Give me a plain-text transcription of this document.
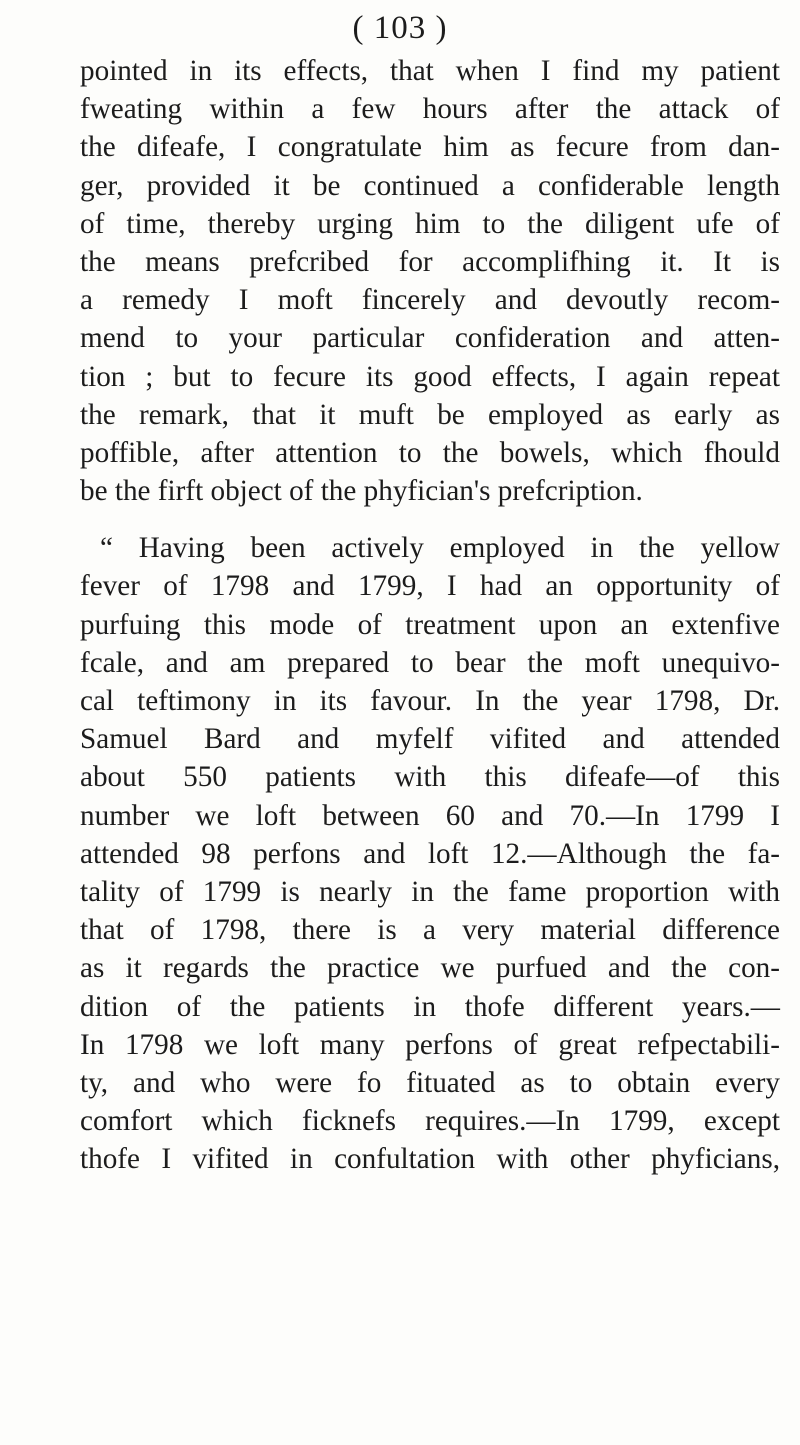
( 103 )
pointed in its effects, that when I find my patient
fweating within a few hours after the attack of
the difeafe, I congratulate him as fecure from dan-
ger, provided it be continued a confiderable length
of time, thereby urging him to the diligent ufe of
the means prefcribed for accomplifhing it. It is
a remedy I moft fincerely and devoutly recom-
mend to your particular confideration and atten-
tion ; but to fecure its good effects, I again repeat
the remark, that it muft be employed as early as
poffible, after attention to the bowels, which fhould
be the firft object of the phyfician's prefcription.
“ Having been actively employed in the yellow
fever of 1798 and 1799, I had an opportunity of
purfuing this mode of treatment upon an extenfive
fcale, and am prepared to bear the moft unequivo-
cal teftimony in its favour. In the year 1798, Dr.
Samuel Bard and myfelf vifited and attended
about 550 patients with this difeafe—of this
number we loft between 60 and 70.—In 1799 I
attended 98 perfons and loft 12.—Although the fa-
tality of 1799 is nearly in the fame proportion with
that of 1798, there is a very material difference
as it regards the practice we purfued and the con-
dition of the patients in thofe different years.—
In 1798 we loft many perfons of great refpectabili-
ty, and who were fo fituated as to obtain every
comfort which ficknefs requires.—In 1799, except
thofe I vifited in confultation with other phyficians,
